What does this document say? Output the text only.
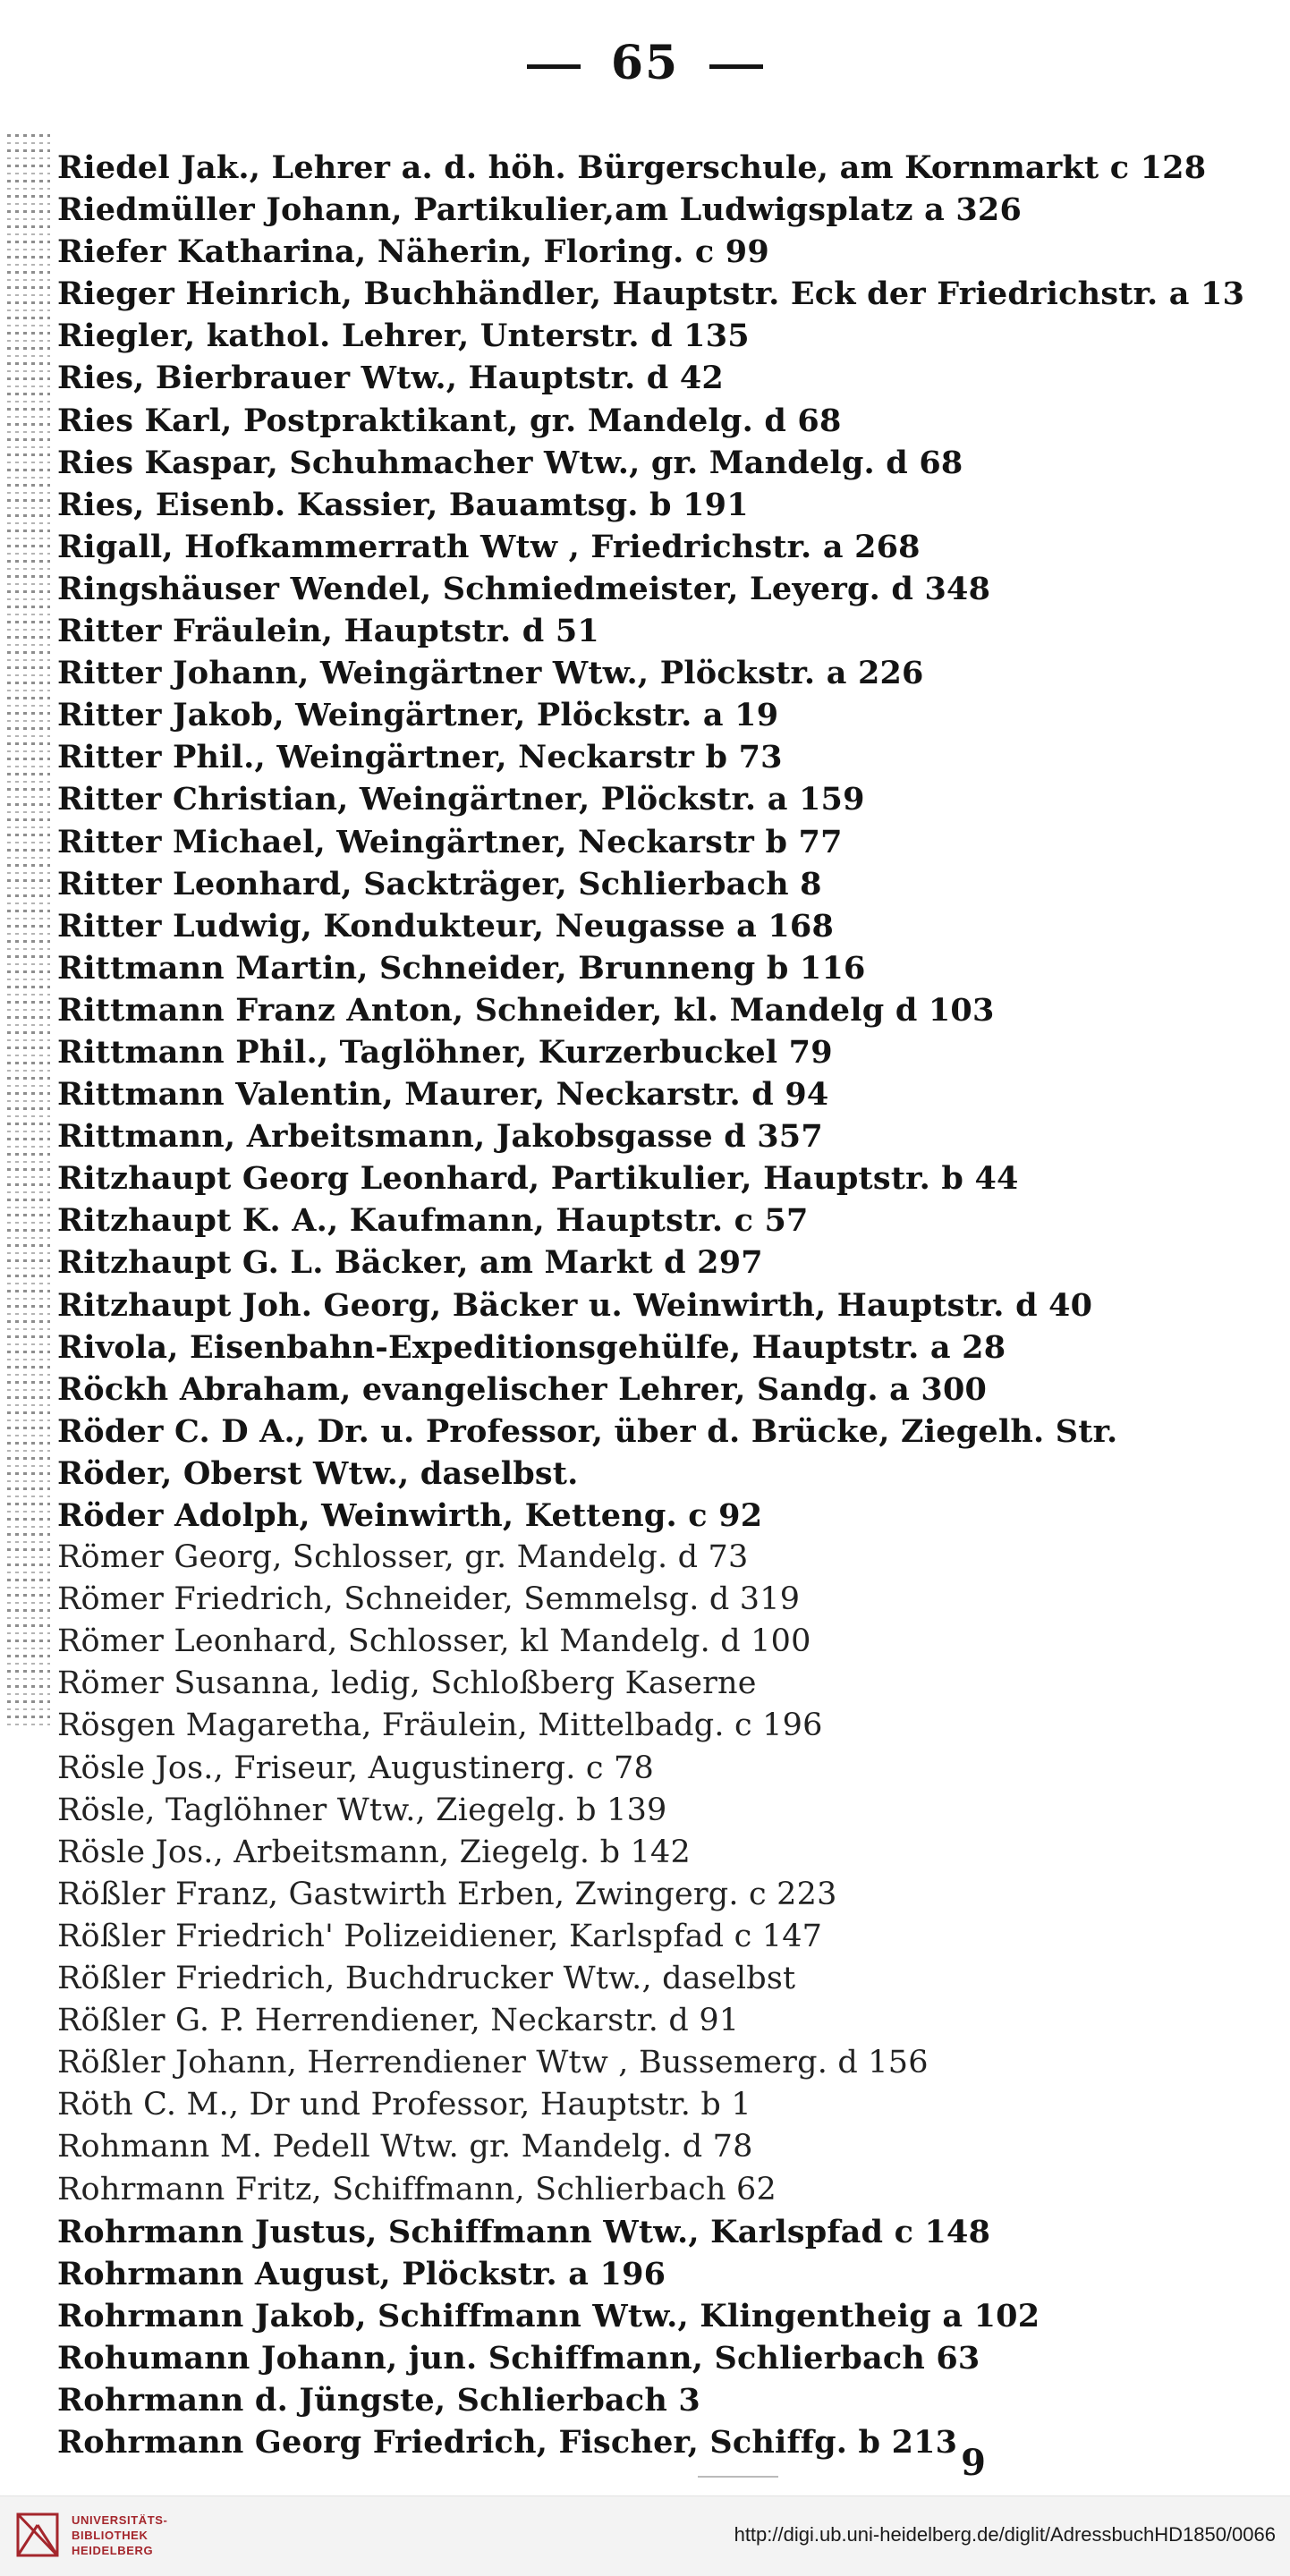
65
Riedel Jak., Lehrer a. d. höh. Bürgerschule, am Kornmarkt c 128
Riedmüller Johann, Partikulier,am Ludwigsplatz a 326
Riefer Katharina, Näherin, Floring. c 99
Rieger Heinrich, Buchhändler, Hauptstr. Eck der Friedrichstr. a 13
Riegler, kathol. Lehrer, Unterstr. d 135
Ries, Bierbrauer Wtw., Hauptstr. d 42
Ries Karl, Postpraktikant, gr. Mandelg. d 68
Ries Kaspar, Schuhmacher Wtw., gr. Mandelg. d 68
Ries, Eisenb. Kassier, Bauamtsg. b 191
Rigall, Hofkammerrath Wtw , Friedrichstr. a 268
Ringshäuser Wendel, Schmiedmeister, Leyerg. d 348
Ritter Fräulein, Hauptstr. d 51
Ritter Johann, Weingärtner Wtw., Plöckstr. a 226
Ritter Jakob, Weingärtner, Plöckstr. a 19
Ritter Phil., Weingärtner, Neckarstr b 73
Ritter Christian, Weingärtner, Plöckstr. a 159
Ritter Michael, Weingärtner, Neckarstr b 77
Ritter Leonhard, Sackträger, Schlierbach 8
Ritter Ludwig, Kondukteur, Neugasse a 168
Rittmann Martin, Schneider, Brunneng b 116
Rittmann Franz Anton, Schneider, kl. Mandelg d 103
Rittmann Phil., Taglöhner, Kurzerbuckel 79
Rittmann Valentin, Maurer, Neckarstr. d 94
Rittmann, Arbeitsmann, Jakobsgasse d 357
Ritzhaupt Georg Leonhard, Partikulier, Hauptstr. b 44
Ritzhaupt K. A., Kaufmann, Hauptstr. c 57
Ritzhaupt G. L. Bäcker, am Markt d 297
Ritzhaupt Joh. Georg, Bäcker u. Weinwirth, Hauptstr. d 40
Rivola, Eisenbahn-Expeditionsgehülfe, Hauptstr. a 28
Röckh Abraham, evangelischer Lehrer, Sandg. a 300
Röder C. D A., Dr. u. Professor, über d. Brücke, Ziegelh. Str.
Röder, Oberst Wtw., daselbst.
Röder Adolph, Weinwirth, Ketteng. c 92
Römer Georg, Schlosser, gr. Mandelg. d 73
Römer Friedrich, Schneider, Semmelsg. d 319
Römer Leonhard, Schlosser, kl Mandelg. d 100
Römer Susanna, ledig, Schloßberg Kaserne
Rösgen Magaretha, Fräulein, Mittelbadg. c 196
Rösle Jos., Friseur, Augustinerg. c 78
Rösle, Taglöhner Wtw., Ziegelg. b 139
Rösle Jos., Arbeitsmann, Ziegelg. b 142
Rößler Franz, Gastwirth Erben, Zwingerg. c 223
Rößler Friedrich' Polizeidiener, Karlspfad c 147
Rößler Friedrich, Buchdrucker Wtw., daselbst
Rößler G. P. Herrendiener, Neckarstr. d 91
Rößler Johann, Herrendiener Wtw , Bussemerg. d 156
Röth C. M., Dr und Professor, Hauptstr. b 1
Rohmann M. Pedell Wtw. gr. Mandelg. d 78
Rohrmann Fritz, Schiffmann, Schlierbach 62
Rohrmann Justus, Schiffmann Wtw., Karlspfad c 148
Rohrmann August, Plöckstr. a 196
Rohrmann Jakob, Schiffmann Wtw., Klingentheig a 102
Rohumann Johann, jun. Schiffmann, Schlierbach 63
Rohrmann d. Jüngste, Schlierbach 3
Rohrmann Georg Friedrich, Fischer, Schiffg. b 213 9
UNIVERSITÄTS-
BIBLIOTHEK
HEIDELBERG
http://digi.ub.uni-heidelberg.de/diglit/AdressbuchHD1850/0066
